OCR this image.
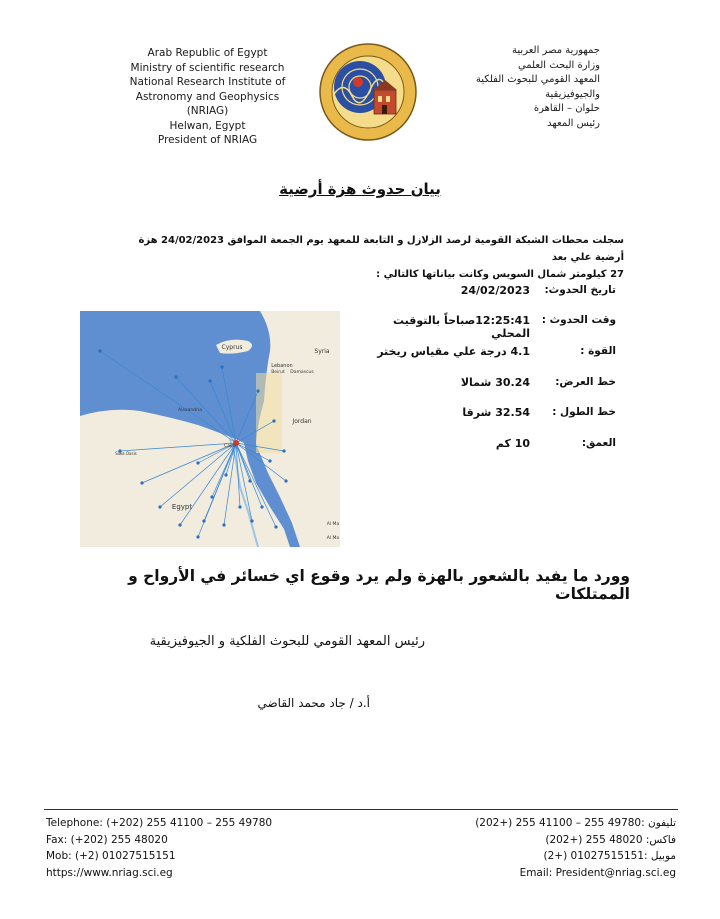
Arab Republic of Egypt
Ministry of scientific research
National Research Institute of
Astronomy and Geophysics
(NRIAG)
Helwan, Egypt
President of NRIAG
جمهورية مصر العربية
وزارة البحث العلمي
المعهد القومي للبحوث الفلكية
والجيوفيزيقية
حلوان – القاهرة
رئيس المعهد
بيان حدوث هزة أرضية
سجلت محطات الشبكة القومية لرصد الزلازل و التابعة للمعهد يوم الجمعة الموافق 24/02/2023 هزة أرضية علي بعد
27 كيلومتر شمال السويس وكانت بياناتها كالتالي :
تاريخ الحدوث:
24/02/2023
وقت الحدوث :
12:25:41صباحاً بالتوقيت المحلي
القوة :
4.1 درجة علي مقياس ريختر
خط العرض:
30.24 شمالا
خط الطول :
32.54 شرقا
العمق:
10 كم
Cyprus
Syria
Lebanon
Beirut Damascus
Alexandria
Cairo
Jordan
Egypt
Siwa Oasis
Al Ma
Al Mo
وورد ما يفيد بالشعور بالهزة ولم يرد وقوع اي خسائر في الأرواح و الممتلكات
رئيس المعهد القومي للبحوث الفلكية و الجيوفيزيقية
أ.د / جاد محمد القاضي
Telephone: (+202) 255 41100 – 255 49780
Fax: (+202) 255 48020
Mob: (+2) 01027515151
https://www.nriag.sci.eg
تليفون :49780 255 – 41100 255 (+202)
فاكس: 48020 255 (+202)
موبيل :01027515151 (+2)
Email: President@nriag.sci.eg
